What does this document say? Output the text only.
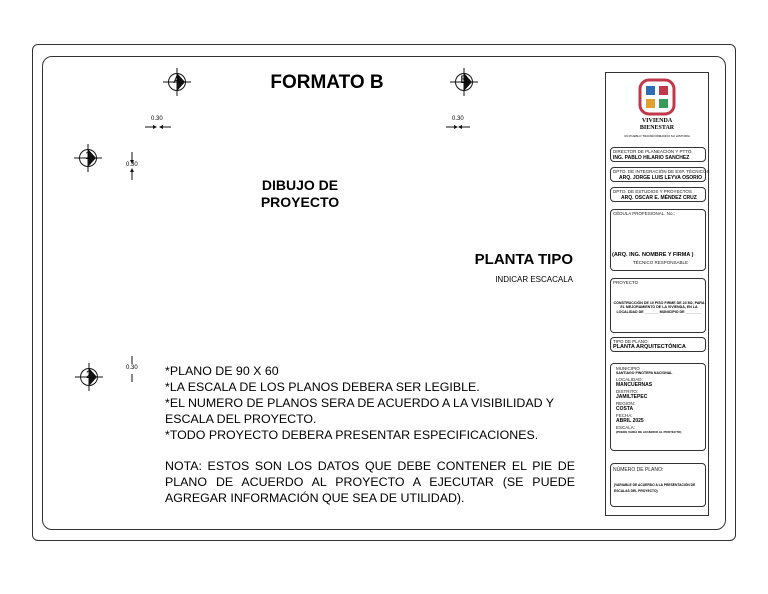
A	B
1
2
0.30	0.30
0.30
0.30
FORMATO B
DIBUJO DE
PROYECTO
PLANTA TIPO
INDICAR ESCACALA

*PLANO DE 90 X 60

*LA ESCALA DE LOS PLANOS DEBERA SER LEGIBLE.

*EL NUMERO DE PLANOS SERA DE ACUERDO A LA VISIBILIDAD Y ESCALA DEL PROYECTO.

*TODO PROYECTO DEBERA PRESENTAR ESPECIFICACIONES.

NOTA: ESTOS SON LOS DATOS QUE DEBE CONTENER EL PIE DE PLANO DE ACUERDO AL PROYECTO A EJECUTAR (SE PUEDE AGREGAR INFORMACIÓN QUE SEA DE UTILIDAD).
VIVIENDA
BIENESTAR
UN PUEBLO TRANSFORMANDO SU HISTORIA
DIRECTOR DE PLANEACIÓN Y PTTO.
ING. PABLO HILARIO SANCHEZ
DPTO. DE INTEGRACIÓN DE EXP. TÉCNICOS
ARQ. JORGE LUIS LEYVA OSORIO
DPTO. DE ESTUDIOS Y PROYECTOS
ARQ. OSCAR E. MÉNDEZ CRUZ
CÉDULA PROFESIONAL. No.:
(ARQ. ING. NOMBRE Y FIRMA )
TÉCNICO RESPONSABLE
PROYECTO
CONSTRUCCIÓN DE 10 PISO FIRME DE 24 M2, PARA EL MEJORAMIENTO DE LA VIVIENDA, EN LA LOCALIDAD DE _______ MUNICIPIO DE ________
TIPO DE PLANO:
PLANTA ARQUITECTÓNICA
MUNICIPIO
SANTIAGO PINOTEPA NACIONAL
LOCALIDAD:
MANCUERNAS
DISTRITO:
JAMILTEPEC
REGION:
COSTA
FECHA:
ABRIL 2025
ESCALA:
(PUEDE VARIA DE ACUERDO AL PROYECTO)
NÚMERO DE PLANO:
(VARIABLE DE ACUERDO A LA PRESENTACIÓN DE ESCALAS DEL PROYECTO)
